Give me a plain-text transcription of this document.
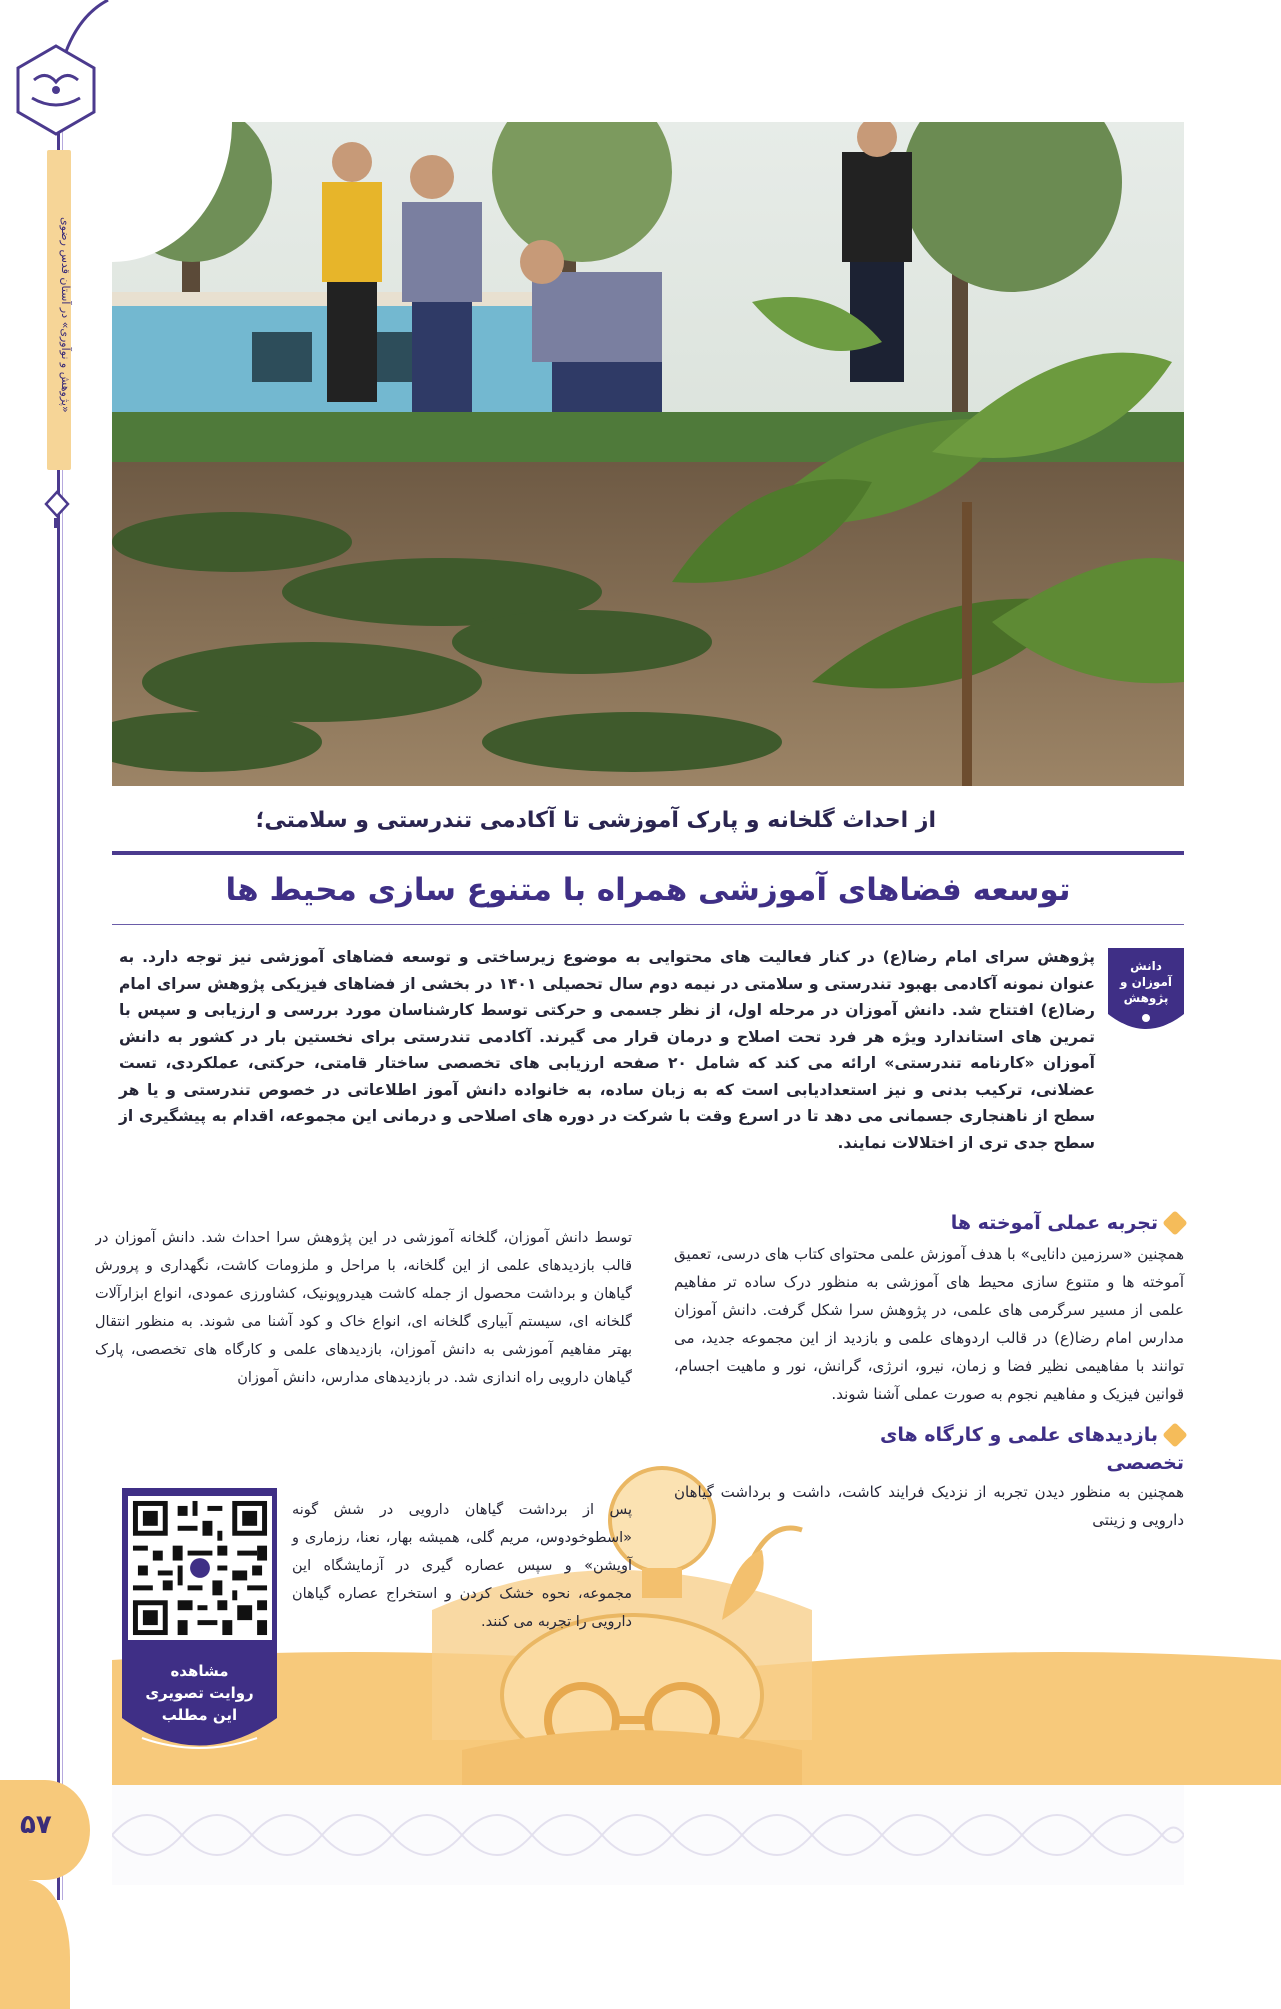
«پژوهش و نوآوری» در آستان قدس رضوی
۵۷
از احداث گلخانه و پارک آموزشی تا آکادمی تندرستی و سلامتی؛
توسعه فضاهای آموزشی همراه با متنوع سازی محیط ها
دانش آموزان و پژوهش

پژوهش سرای امام رضا(ع) در کنار فعالیت های محتوایی به موضوع زیرساختی و توسعه فضاهای آموزشی نیز توجه دارد. به عنوان نمونه آکادمی بهبود تندرستی و سلامتی در نیمه دوم سال تحصیلی ۱۴۰۱ در بخشی از فضاهای فیزیکی پژوهش سرای امام رضا(ع) افتتاح شد. دانش آموزان در مرحله اول، از نظر جسمی و حرکتی توسط کارشناسان مورد بررسی و ارزیابی و سپس با تمرین های استاندارد ویژه هر فرد تحت اصلاح و درمان قرار می گیرند. آکادمی تندرستی برای نخستین بار در کشور به دانش آموزان «کارنامه تندرستی» ارائه می کند که شامل ۲۰ صفحه ارزیابی های تخصصی ساختار قامتی، حرکتی، عملکردی، تست عضلانی، ترکیب بدنی و نیز استعدادیابی است که به زبان ساده، به خانواده دانش آموز اطلاعاتی در خصوص تندرستی و یا هر سطح از ناهنجاری جسمانی می دهد تا در اسرع وقت با شرکت در دوره های اصلاحی و درمانی این مجموعه، اقدام به پیشگیری از سطح جدی تری از اختلالات نمایند.

تجربه عملی آموخته ها

همچنین «سرزمین دانایی» با هدف آموزش علمی محتوای کتاب های درسی، تعمیق آموخته ها و متنوع سازی محیط های آموزشی به منظور درک ساده تر مفاهیم علمی از مسیر سرگرمی های علمی، در پژوهش سرا شکل گرفت. دانش آموزان مدارس امام رضا(ع) در قالب اردوهای علمی و بازدید از این مجموعه جدید، می توانند با مفاهیمی نظیر فضا و زمان، نیرو، انرژی، گرانش، نور و ماهیت اجسام، قوانین فیزیک و مفاهیم نجوم به صورت عملی آشنا شوند.

بازدیدهای علمی و کارگاه های
تخصصی

همچنین به منظور دیدن تجربه از نزدیک فرایند کاشت، داشت و برداشت گیاهان دارویی و زینتی

توسط دانش آموزان، گلخانه آموزشی در این پژوهش سرا احداث شد. دانش آموزان در قالب بازدیدهای علمی از این گلخانه، با مراحل و ملزومات کاشت، نگهداری و پرورش گیاهان و برداشت محصول از جمله کاشت هیدروپونیک، کشاورزی عمودی، انواع ابزارآلات گلخانه ای، سیستم آبیاری گلخانه ای، انواع خاک و کود آشنا می شوند. به منظور انتقال بهتر مفاهیم آموزشی به دانش آموزان، بازدیدهای علمی و کارگاه های تخصصی، پارک گیاهان دارویی راه اندازی شد. در بازدیدهای مدارس، دانش آموزان

پس از برداشت گیاهان دارویی در شش گونه «اسطوخودوس، مریم گلی، همیشه بهار، نعنا، رزماری و آویشن» و سپس عصاره گیری در آزمایشگاه این مجموعه، نحوه خشک کردن و استخراج عصاره گیاهان دارویی را تجربه می کنند.

مشاهده
روایت تصویری
این مطلب
